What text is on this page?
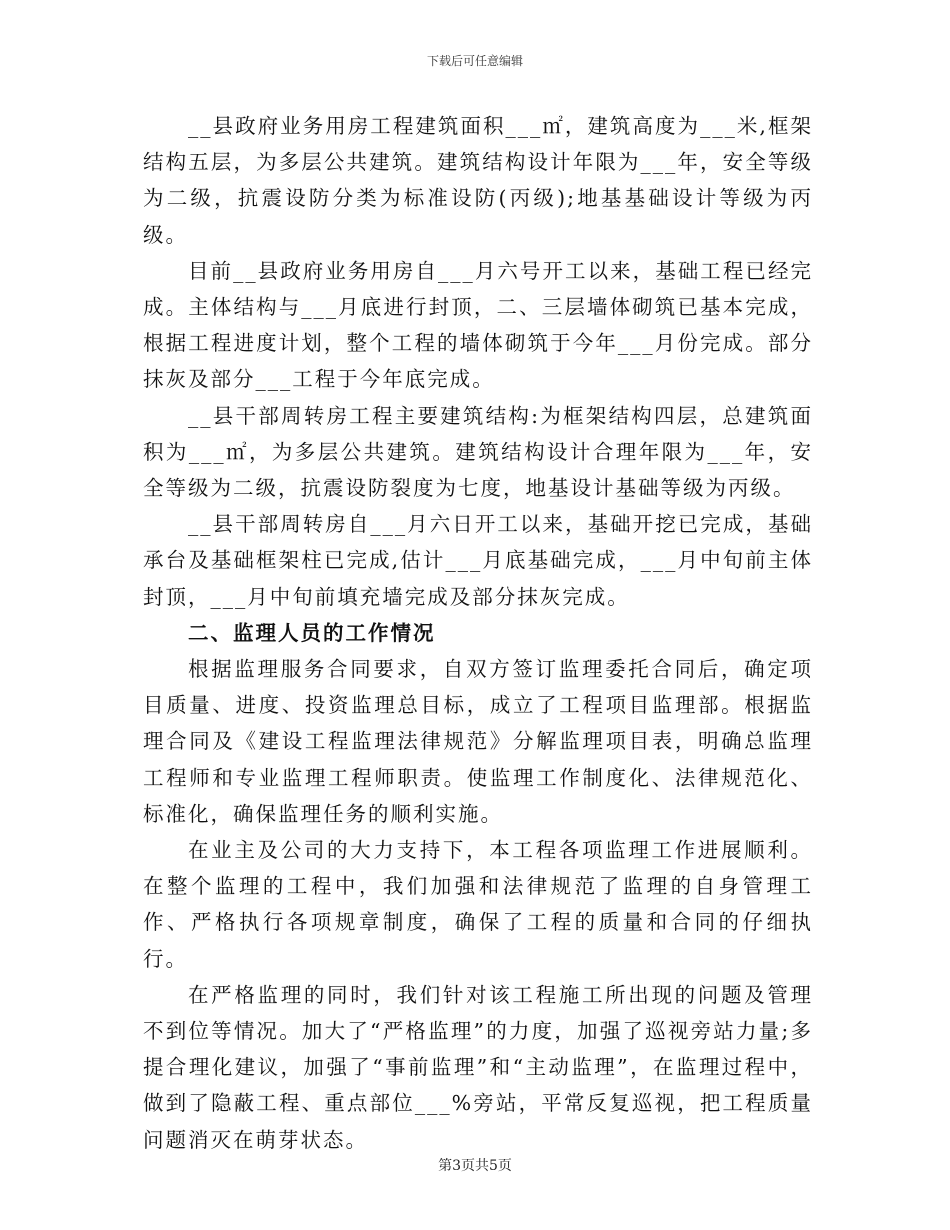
下载后可任意编辑

__县政府业务用房工程建筑面积___㎡，建筑高度为___米,框架结构五层，为多层公共建筑。建筑结构设计年限为___年，安全等级为二级，抗震设防分类为标准设防(丙级);地基基础设计等级为丙级。

目前__县政府业务用房自___月六号开工以来，基础工程已经完成。主体结构与___月底进行封顶，二、三层墙体砌筑已基本完成，根据工程进度计划，整个工程的墙体砌筑于今年___月份完成。部分抹灰及部分___工程于今年底完成。

__县干部周转房工程主要建筑结构:为框架结构四层，总建筑面积为___㎡，为多层公共建筑。建筑结构设计合理年限为___年，安全等级为二级，抗震设防裂度为七度，地基设计基础等级为丙级。

__县干部周转房自___月六日开工以来，基础开挖已完成，基础承台及基础框架柱已完成,估计___月底基础完成，___月中旬前主体封顶，___月中旬前填充墙完成及部分抹灰完成。

二、监理人员的工作情况

根据监理服务合同要求，自双方签订监理委托合同后，确定项目质量、进度、投资监理总目标，成立了工程项目监理部。根据监理合同及《建设工程监理法律规范》分解监理项目表，明确总监理工程师和专业监理工程师职责。使监理工作制度化、法律规范化、标准化，确保监理任务的顺利实施。

在业主及公司的大力支持下，本工程各项监理工作进展顺利。在整个监理的工程中，我们加强和法律规范了监理的自身管理工作、严格执行各项规章制度，确保了工程的质量和合同的仔细执行。

在严格监理的同时，我们针对该工程施工所出现的问题及管理不到位等情况。加大了“严格监理”的力度，加强了巡视旁站力量;多提合理化建议，加强了“事前监理”和“主动监理”，在监理过程中，做到了隐蔽工程、重点部位___%旁站，平常反复巡视，把工程质量问题消灭在萌芽状态。

第3页共5页
